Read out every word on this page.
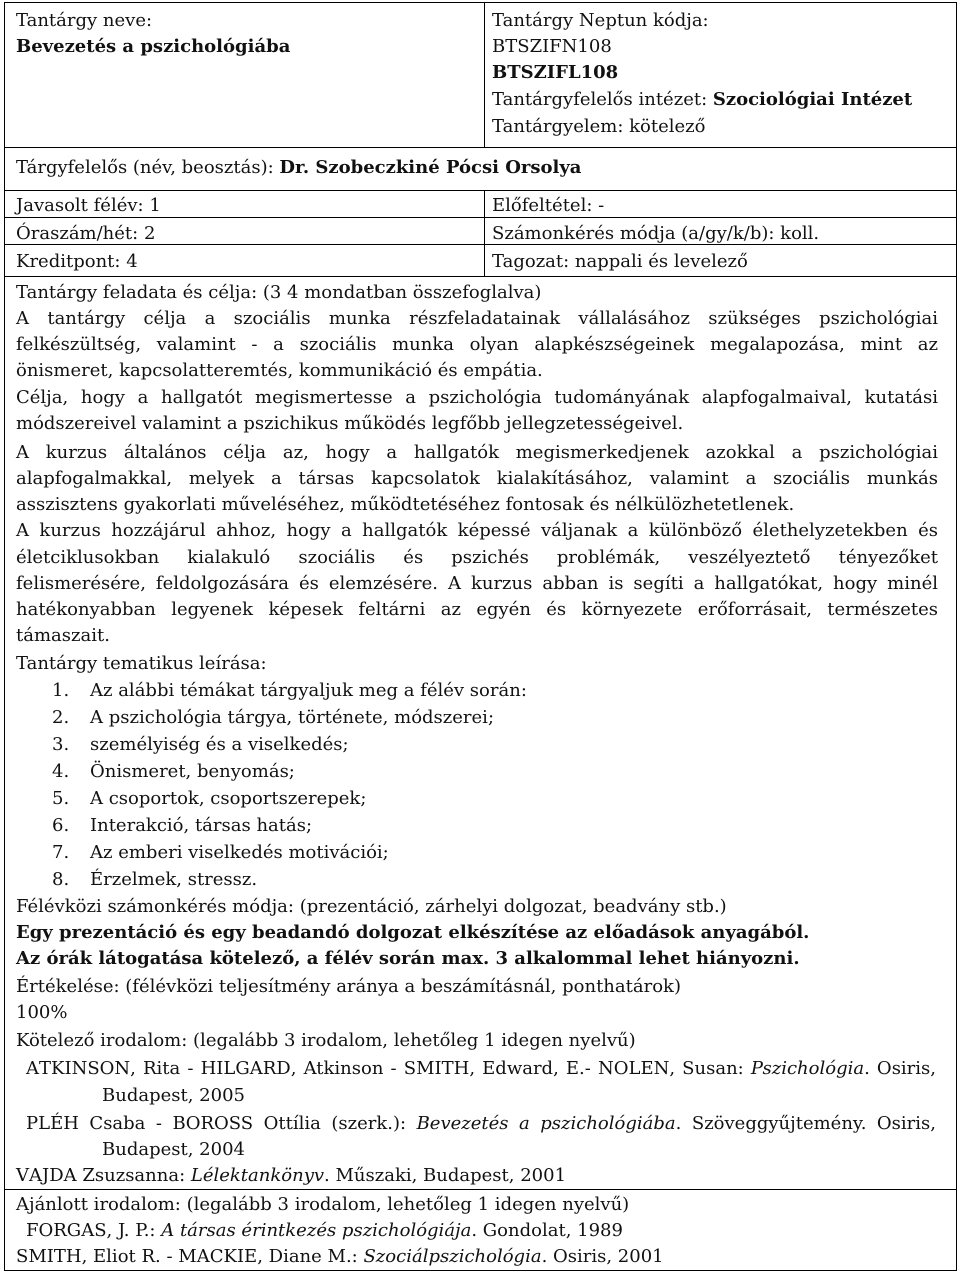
Tantárgy neve:
Bevezetés a pszichológiába
Tantárgy Neptun kódja:
BTSZIFN108
BTSZIFL108
Tantárgyfelelős intézet: Szociológiai Intézet
Tantárgyelem: kötelező
Tárgyfelelős (név, beosztás): Dr. Szobeczkiné Pócsi Orsolya
Javasolt félév: 1	Előfeltétel: -
Óraszám/hét: 2	Számonkérés módja (a/gy/k/b): koll.
Kreditpont: 4	Tagozat: nappali és levelező
Tantárgy feladata és célja: (3 4 mondatban összefoglalva)
A tantárgy célja a szociális munka részfeladatainak vállalásához szükséges pszichológiai
felkészültség, valamint - a szociális munka olyan alapkészségeinek megalapozása, mint az
önismeret, kapcsolatteremtés, kommunikáció és empátia.
Célja, hogy a hallgatót megismertesse a pszichológia tudományának alapfogalmaival, kutatási
módszereivel valamint a pszichikus működés legfőbb jellegzetességeivel.
A kurzus általános célja az, hogy a hallgatók megismerkedjenek azokkal a pszichológiai
alapfogalmakkal, melyek a társas kapcsolatok kialakításához, valamint a szociális munkás
asszisztens gyakorlati műveléséhez, működtetéséhez fontosak és nélkülözhetetlenek.
A kurzus hozzájárul ahhoz, hogy a hallgatók képessé váljanak a különböző élethelyzetekben és
életciklusokban kialakuló szociális és pszichés problémák, veszélyeztető tényezőket
felismerésére, feldolgozására és elemzésére. A kurzus abban is segíti a hallgatókat, hogy minél
hatékonyabban legyenek képesek feltárni az egyén és környezete erőforrásait, természetes
támaszait.
Tantárgy tematikus leírása:
1. Az alábbi témákat tárgyaljuk meg a félév során:
2. A pszichológia tárgya, története, módszerei;
3. személyiség és a viselkedés;
4. Önismeret, benyomás;
5. A csoportok, csoportszerepek;
6. Interakció, társas hatás;
7. Az emberi viselkedés motivációi;
8. Érzelmek, stressz.
Félévközi számonkérés módja: (prezentáció, zárhelyi dolgozat, beadvány stb.)
Egy prezentáció és egy beadandó dolgozat elkészítése az előadások anyagából.
Az órák látogatása kötelező, a félév során max. 3 alkalommal lehet hiányozni.
Értékelése: (félévközi teljesítmény aránya a beszámításnál, ponthatárok)
100%
Kötelező irodalom: (legalább 3 irodalom, lehetőleg 1 idegen nyelvű)
ATKINSON, Rita - HILGARD, Atkinson - SMITH, Edward, E.- NOLEN, Susan: Pszichológia. Osiris,
Budapest, 2005
PLÉH Csaba - BOROSS Ottília (szerk.): Bevezetés a pszichológiába. Szöveggyűjtemény. Osiris,
Budapest, 2004
VAJDA Zsuzsanna: Lélektankönyv. Műszaki, Budapest, 2001
Ajánlott irodalom: (legalább 3 irodalom, lehetőleg 1 idegen nyelvű)
FORGAS, J. P.: A társas érintkezés pszichológiája. Gondolat, 1989
SMITH, Eliot R. - MACKIE, Diane M.: Szociálpszichológia. Osiris, 2001
